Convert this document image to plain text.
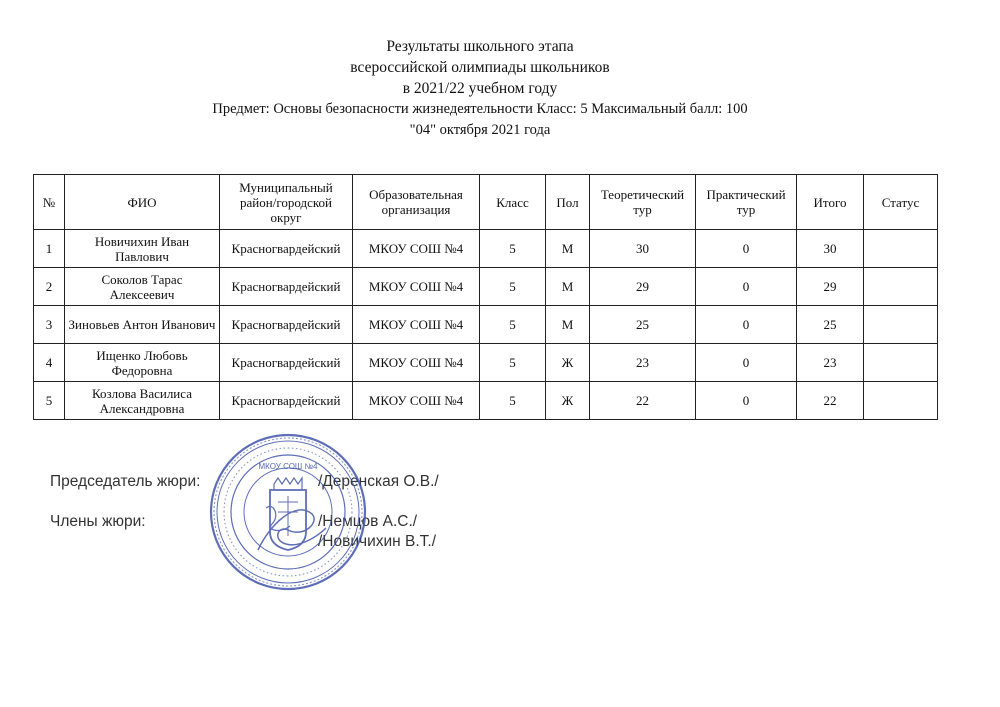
Результаты школьного этапа
всероссийской олимпиады школьников
в 2021/22 учебном году
Предмет: Основы безопасности жизнедеятельности Класс: 5 Максимальный балл: 100
"04" октября 2021 года
№	ФИО	Муниципальный район/городской округ	Образовательная организация	Класс	Пол	Теоретический тур	Практический тур	Итого	Статус
1	Новичихин Иван Павлович	Красногвардейский	МКОУ СОШ №4	5	М	30	0	30	
2	Соколов Тарас Алексеевич	Красногвардейский	МКОУ СОШ №4	5	М	29	0	29	
3	Зиновьев Антон Иванович	Красногвардейский	МКОУ СОШ №4	5	М	25	0	25	
4	Ищенко Любовь Федоровна	Красногвардейский	МКОУ СОШ №4	5	Ж	23	0	23	
5	Козлова Василиса Александровна	Красногвардейский	МКОУ СОШ №4	5	Ж	22	0	22	
Председатель жюри:
Члены жюри:
/Деренская О.В./
/Немцов А.С./
/Новичихин В.Т./
МКОУ СОШ №4
